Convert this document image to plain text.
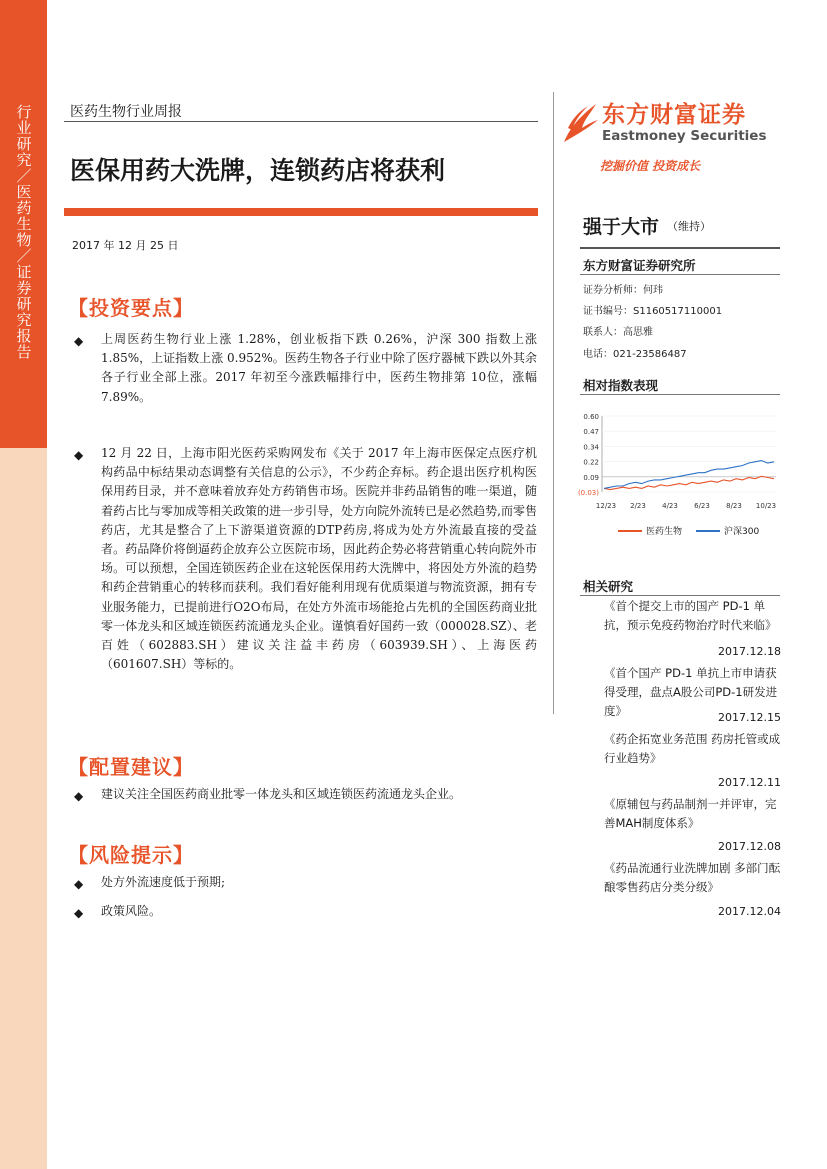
行业研究／医药生物／证券研究报告
医药生物行业周报
医保用药大洗牌，连锁药店将获利
2017 年 12 月 25 日
【投资要点】
◆ 上周医药生物行业上涨 1.28%，创业板指下跌 0.26%，沪深 300 指数上涨 1.85%，上证指数上涨 0.952%。医药生物各子行业中除了医疗器械下跌以外其余各子行业全部上涨。2017 年初至今涨跌幅排行中，医药生物排第 10位，涨幅 7.89%。
◆ 12 月 22 日，上海市阳光医药采购网发布《关于 2017 年上海市医保定点医疗机构药品中标结果动态调整有关信息的公示》，不少药企弃标。药企退出医疗机构医保用药目录，并不意味着放弃处方药销售市场。医院并非药品销售的唯一渠道，随着药占比与零加成等相关政策的进一步引导，处方向院外流转已是必然趋势,而零售药店，尤其是整合了上下游渠道资源的DTP药房,将成为处方外流最直接的受益者。药品降价将倒逼药企放弃公立医院市场，因此药企势必将营销重心转向院外市场。可以预想，全国连锁医药企业在这轮医保用药大洗牌中，将因处方外流的趋势和药企营销重心的转移而获利。我们看好能利用现有优质渠道与物流资源，拥有专业服务能力，已提前进行O2O布局，在处方外流市场能抢占先机的全国医药商业批零一体龙头和区域连锁医药流通龙头企业。谨慎看好国药一致（000028.SZ）、老百姓（602883.SH）建议关注益丰药房（603939.SH）、上海医药（601607.SH）等标的。
【配置建议】
◆ 建议关注全国医药商业批零一体龙头和区域连锁医药流通龙头企业。
【风险提示】
◆ 处方外流速度低于预期;
◆ 政策风险。
东方财富证券
Eastmoney Securities
挖掘价值 投资成长
强于大市 （维持）
东方财富证券研究所
证券分析师：何玮
证书编号：S1160517110001
联系人：高思雅
电话：021-23586487
相对指数表现
0.60
0.47
0.34
0.22
0.09
(0.03)
12/23 2/23 4/23 6/23 8/23 10/23
医药生物	沪深300
相关研究
《首个提交上市的国产 PD-1 单抗，预示免疫药物治疗时代来临》
2017.12.18
《首个国产 PD-1 单抗上市申请获得受理，盘点A股公司PD-1研发进度》	2017.12.15
《药企拓宽业务范围 药房托管或成行业趋势》
2017.12.11
《原辅包与药品制剂一并评审，完善MAH制度体系》
2017.12.08
《药品流通行业洗牌加剧 多部门酝酿零售药店分类分级》
2017.12.04
